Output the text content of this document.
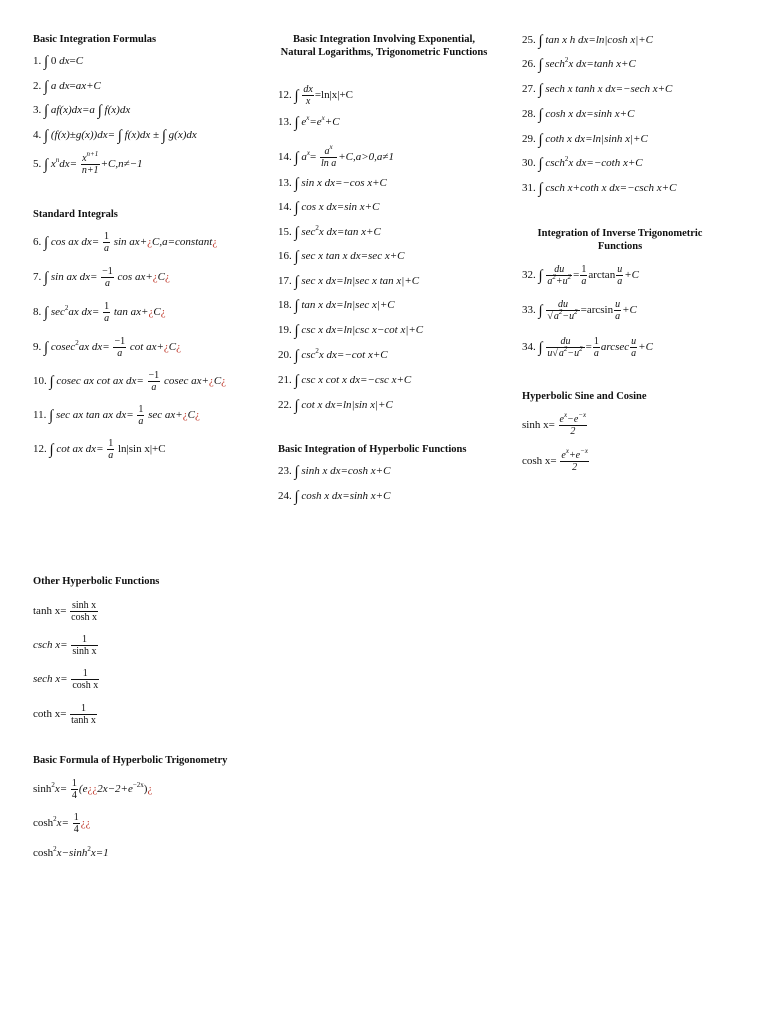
Basic Integration Formulas
1. ∫ 0 dx=C
2. ∫ a dx=ax+C
3. ∫ af(x)dx=a ∫ f(x)dx
4. ∫ (f(x)±g(x))dx= ∫ f(x)dx ± ∫ g(x)dx
5. ∫ $x^ndx= \frac{x^{n+1}}{n+1} +C,n\ne-1$
Standard Integrals
6. ∫ cos ax $dx= \frac{1}{a}$ sin ax+¿C,a=constant¿
7. ∫ sin ax $dx= \frac{-1}{a}$ cos ax+¿C¿
8. ∫ $\sec^2ax$ $dx= \frac{1}{a}$ tan ax+¿C¿
9. ∫ cosec$^2$ax $dx= \frac{-1}{a}$ cot ax+¿C¿
10. ∫ cosec ax cot ax $dx= \frac{-1}{a}$ cosec ax+¿C¿
11. ∫ sec ax tan ax $dx= \frac{1}{a}$ sec ax+¿C¿
12. ∫ cot ax $dx= \frac{1}{a} \ln|\sin$ x|+C
Other Hyperbolic Functions
$\tanh x= \frac{\text{sinh x}}{\text{cosh x}}$
csch $x= \frac{1}{\text{sinh x}}$
sech $x= \frac{1}{\text{cosh x}}$
coth $x= \frac{1}{\text{tanh x}}$
Basic Formula of Hyperbolic Trigonometry
$\sinh^2x= \frac{1}{4}$ $(e¿¿2x-2+e^{-2x})¿$
$\cosh^2x= \frac{1}{4}$ ¿¿
$\cosh^2x-\sinh^2x=1$
Basic Integration Involving Exponential, Natural Logarithms, Trigonometric Functions
12. ∫ $\frac{dx}{x} =\ln|x|+C$
13. ∫ $e^x=e^x+C$
14. ∫ $a^x= \frac{a^x}{\text{ln a}} +C,a>0,a\ne 1$
13. ∫ sin x dx=−cos x+C
14. ∫ cos x dx=sin x+C
15. ∫ $\sec^2x$ dx=tan x+C
16. ∫ sec x tan x dx=sec x+C
17. ∫ sec x dx=ln|sec x tan x|+C
18. ∫ tan x dx=ln|sec x|+C
19. ∫ csc x dx=ln|csc x−cot x|+C
20. ∫ $\csc^2x$ dx=−cot x+C
21. ∫ csc x cot x dx=−csc x+C
22. ∫ cot x dx=ln|sin x|+C
Basic Integration of Hyperbolic Functions
23. ∫ sinh x dx=cosh x+C
24. ∫ cosh x dx=sinh x+C
25. ∫ tan x h dx=ln|cosh x|+C
26. ∫ sech$^2$x dx=tanh x+C
27. ∫ sech x tanh x dx=−sech x+C
28. ∫ cosh x dx=sinh x+C
29. ∫ coth x dx=ln|sinh x|+C
30. ∫ csch$^2$x dx=−coth x+C
31. ∫ csch x+coth x dx=−csch x+C
Integration of Inverse Trigonometric Functions
32. ∫ $\frac{du}{a^2+u^2} = \frac{1}{a}$ $\arctan \frac{u}{a} +C$
33. ∫ $\frac{du}{√a^2-u^2} =\arcsin \frac{u}{a} +C$
34. ∫ $\frac{du}{u√a^2-u^2} = \frac{1}{a}$ arcsec $\frac{u}{a} +C$
Hyperbolic Sine and Cosine
$\sinh x= \frac{e^x-e^{-x}}{2}$
$\cosh x= \frac{e^x+e^{-x}}{2}$
